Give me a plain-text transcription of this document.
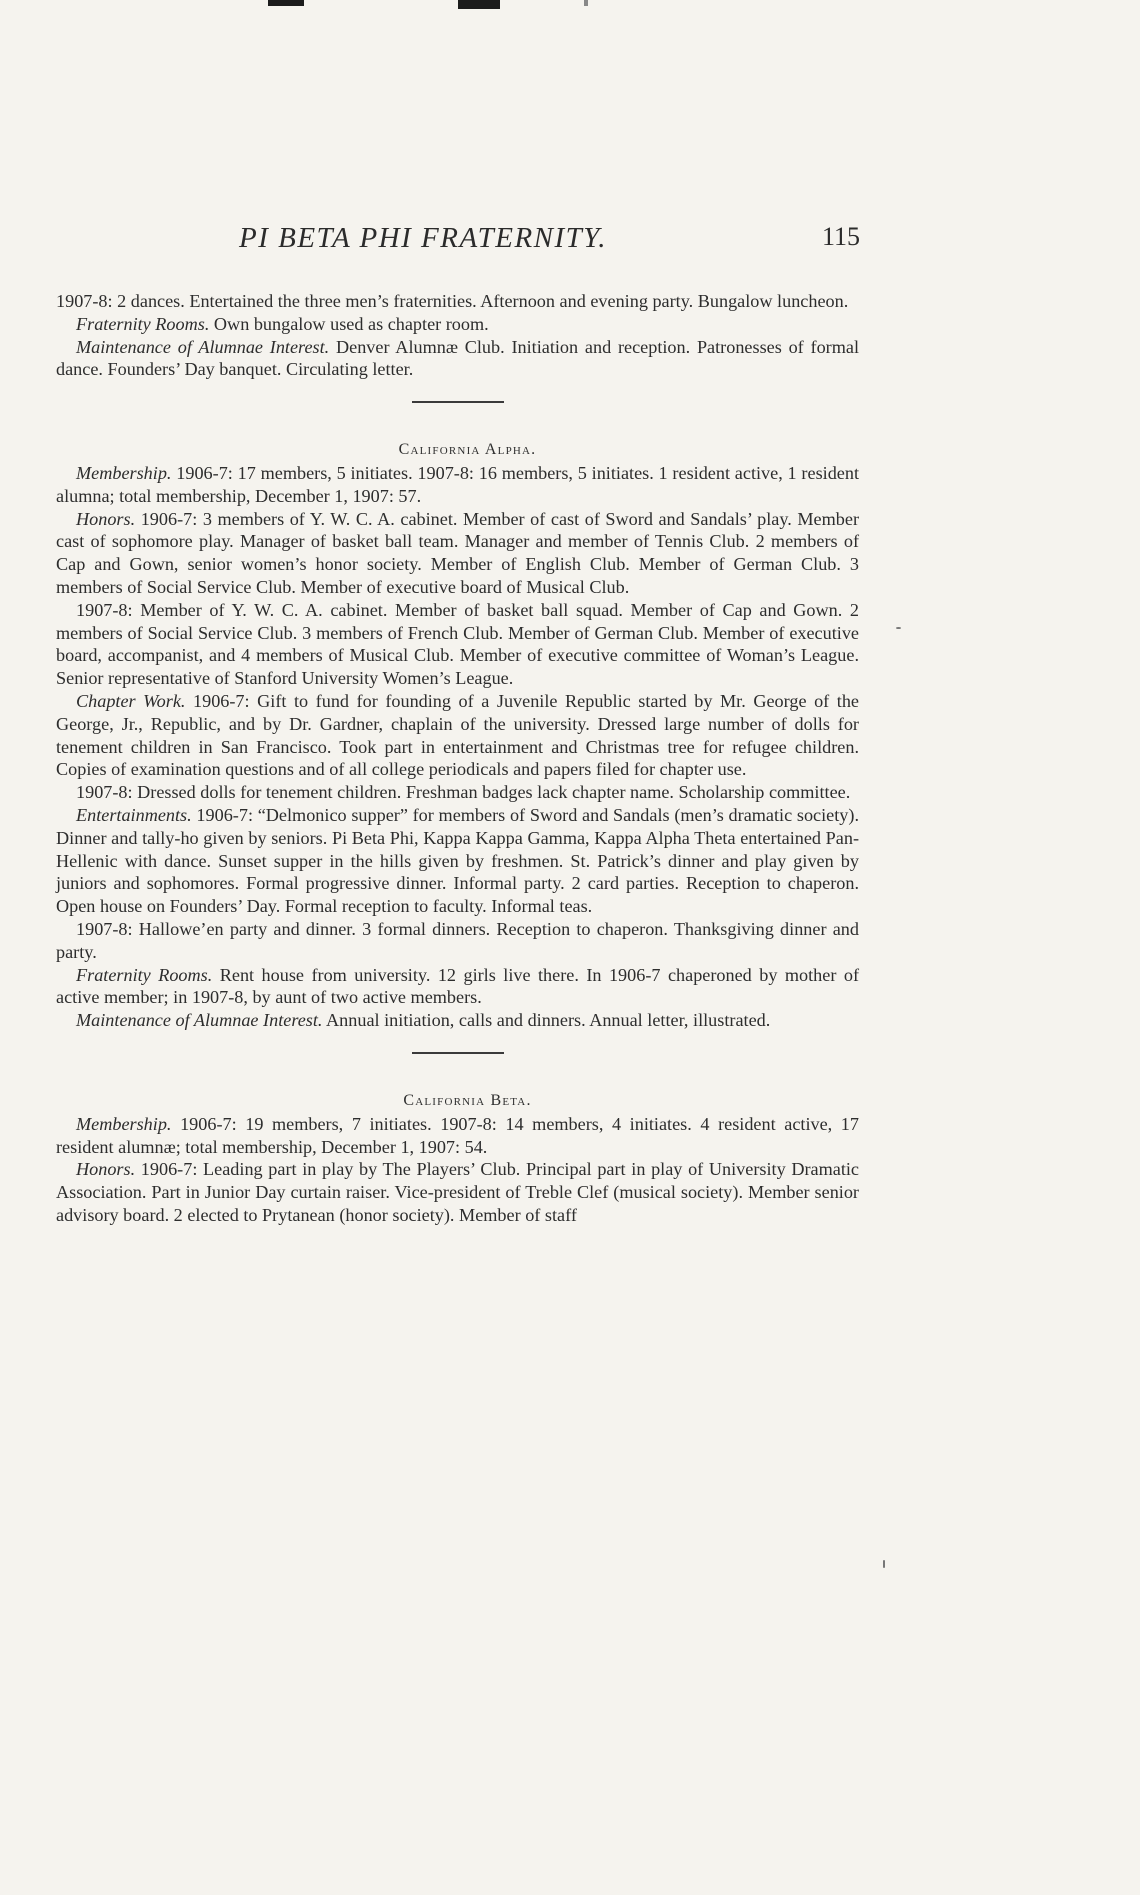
PI BETA PHI FRATERNITY.	115

1907-8: 2 dances. Entertained the three men’s fraternities. Afternoon and evening party. Bungalow luncheon.

Fraternity Rooms. Own bungalow used as chapter room.

Maintenance of Alumnae Interest. Denver Alumnæ Club. Initiation and reception. Patronesses of formal dance. Founders’ Day banquet. Circulating letter.

California Alpha.

Membership. 1906-7: 17 members, 5 initiates. 1907-8: 16 members, 5 initiates. 1 resident active, 1 resident alumna; total membership, December 1, 1907: 57.

Honors. 1906-7: 3 members of Y. W. C. A. cabinet. Member of cast of Sword and Sandals’ play. Member cast of sophomore play. Manager of basket ball team. Manager and member of Tennis Club. 2 members of Cap and Gown, senior women’s honor society. Member of English Club. Member of German Club. 3 members of Social Service Club. Member of executive board of Musical Club.

1907-8: Member of Y. W. C. A. cabinet. Member of basket ball squad. Member of Cap and Gown. 2 members of Social Service Club. 3 members of French Club. Member of German Club. Member of executive board, accompanist, and 4 members of Musical Club. Member of executive committee of Woman’s League. Senior representative of Stanford University Women’s League.

Chapter Work. 1906-7: Gift to fund for founding of a Juvenile Republic started by Mr. George of the George, Jr., Republic, and by Dr. Gardner, chaplain of the university. Dressed large number of dolls for tenement children in San Francisco. Took part in entertainment and Christmas tree for refugee children. Copies of examination questions and of all college periodicals and papers filed for chapter use.

1907-8: Dressed dolls for tenement children. Freshman badges lack chapter name. Scholarship committee.

Entertainments. 1906-7: “Delmonico supper” for members of Sword and Sandals (men’s dramatic society). Dinner and tally-ho given by seniors. Pi Beta Phi, Kappa Kappa Gamma, Kappa Alpha Theta entertained Pan-Hellenic with dance. Sunset supper in the hills given by freshmen. St. Patrick’s dinner and play given by juniors and sophomores. Formal progressive dinner. Informal party. 2 card parties. Reception to chaperon. Open house on Founders’ Day. Formal reception to faculty. Informal teas.

1907-8: Hallowe’en party and dinner. 3 formal dinners. Reception to chaperon. Thanksgiving dinner and party.

Fraternity Rooms. Rent house from university. 12 girls live there. In 1906-7 chaperoned by mother of active member; in 1907-8, by aunt of two active members.

Maintenance of Alumnae Interest. Annual initiation, calls and dinners. Annual letter, illustrated.

California Beta.

Membership. 1906-7: 19 members, 7 initiates. 1907-8: 14 members, 4 initiates. 4 resident active, 17 resident alumnæ; total membership, December 1, 1907: 54.

Honors. 1906-7: Leading part in play by The Players’ Club. Principal part in play of University Dramatic Association. Part in Junior Day curtain raiser. Vice-president of Treble Clef (musical society). Member senior advisory board. 2 elected to Prytanean (honor society). Member of staff
